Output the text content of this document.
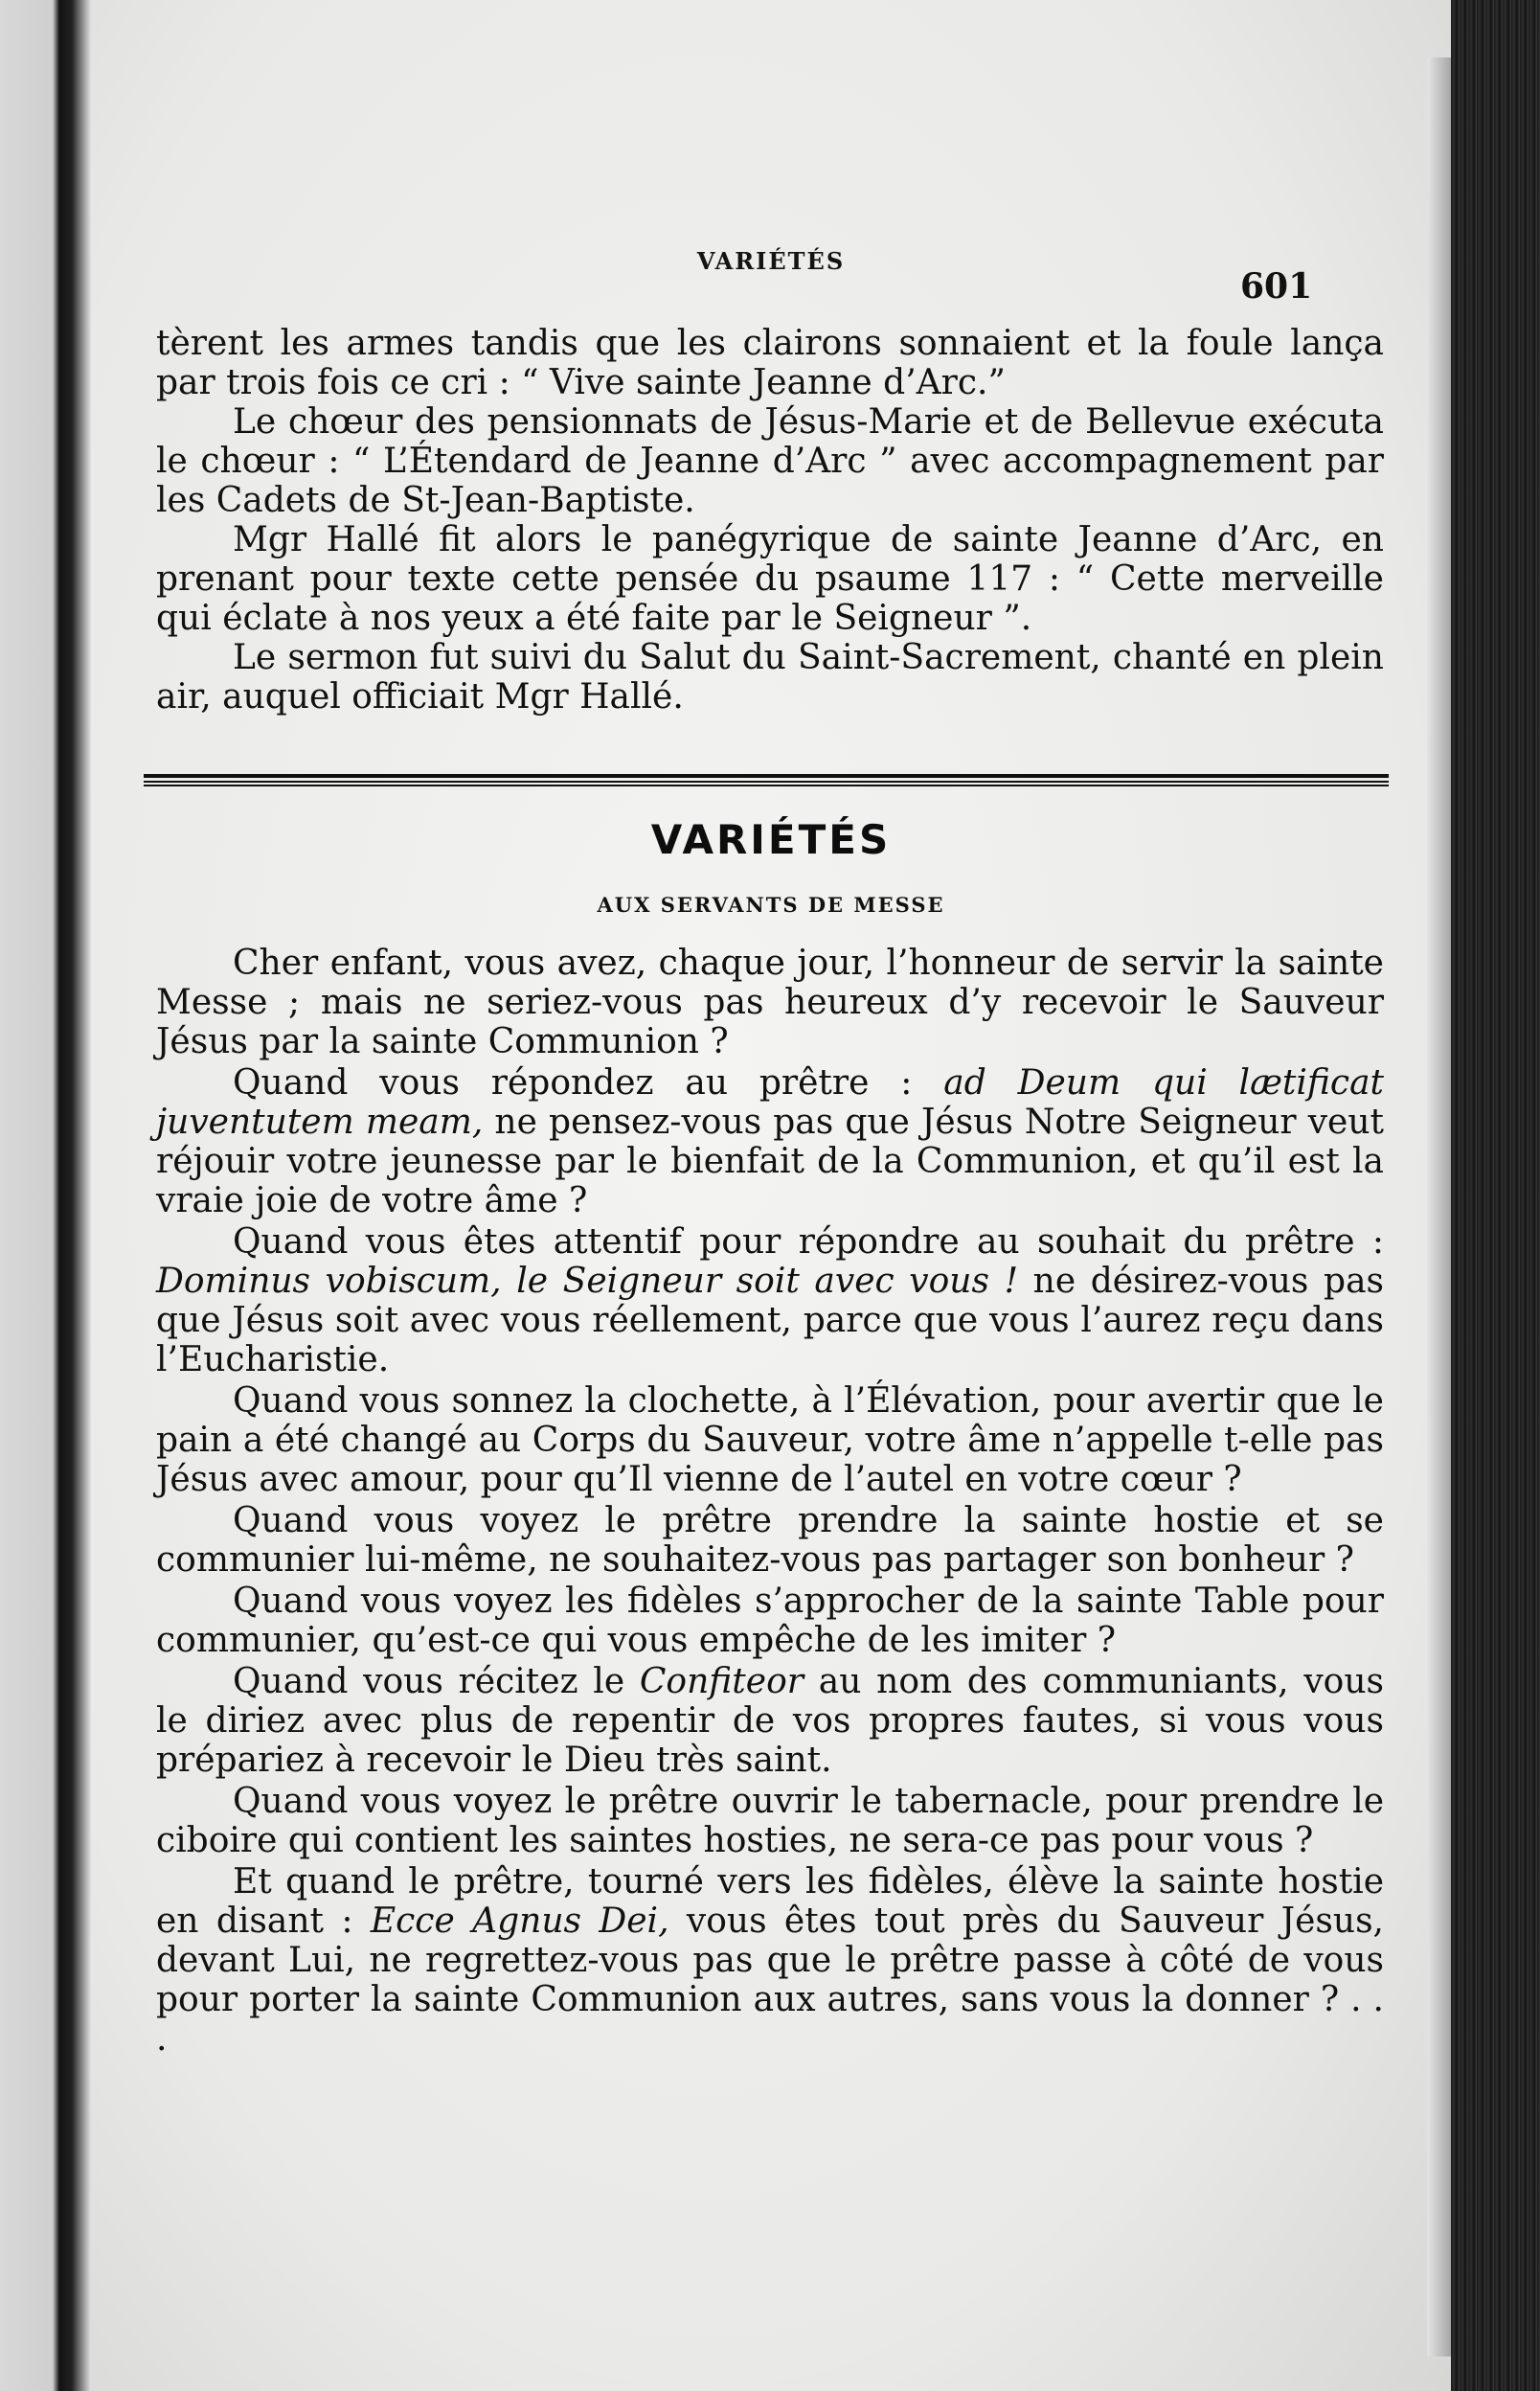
VARIÉTÉS
601

tèrent les armes tandis que les clairons sonnaient et la foule lança par trois fois ce cri : “ Vive sainte Jeanne d’Arc.”

Le chœur des pensionnats de Jésus-Marie et de Bellevue exécuta le chœur : “ L’Étendard de Jeanne d’Arc ” avec accompagnement par les Cadets de St-Jean-Baptiste.

Mgr Hallé fit alors le panégyrique de sainte Jeanne d’Arc, en prenant pour texte cette pensée du psaume 117 : “ Cette merveille qui éclate à nos yeux a été faite par le Seigneur ”.

Le sermon fut suivi du Salut du Saint-Sacrement, chanté en plein air, auquel officiait Mgr Hallé.

VARIÉTÉS
AUX SERVANTS DE MESSE

Cher enfant, vous avez, chaque jour, l’honneur de servir la sainte Messe ; mais ne seriez-vous pas heureux d’y recevoir le Sauveur Jésus par la sainte Communion ?

Quand vous répondez au prêtre : ad Deum qui lætificat juventutem meam, ne pensez-vous pas que Jésus Notre Seigneur veut réjouir votre jeunesse par le bienfait de la Communion, et qu’il est la vraie joie de votre âme ?

Quand vous êtes attentif pour répondre au souhait du prêtre : Dominus vobiscum, le Seigneur soit avec vous ! ne désirez-vous pas que Jésus soit avec vous réellement, parce que vous l’aurez reçu dans l’Eucharistie.

Quand vous sonnez la clochette, à l’Élévation, pour avertir que le pain a été changé au Corps du Sauveur, votre âme n’appelle t-elle pas Jésus avec amour, pour qu’Il vienne de l’autel en votre cœur ?

Quand vous voyez le prêtre prendre la sainte hostie et se communier lui-même, ne souhaitez-vous pas partager son bonheur ?

Quand vous voyez les fidèles s’approcher de la sainte Table pour communier, qu’est-ce qui vous empêche de les imiter ?

Quand vous récitez le Confiteor au nom des communiants, vous le diriez avec plus de repentir de vos propres fautes, si vous vous prépariez à recevoir le Dieu très saint.

Quand vous voyez le prêtre ouvrir le tabernacle, pour prendre le ciboire qui contient les saintes hosties, ne sera-ce pas pour vous ?

Et quand le prêtre, tourné vers les fidèles, élève la sainte hostie en disant : Ecce Agnus Dei, vous êtes tout près du Sauveur Jésus, devant Lui, ne regrettez-vous pas que le prêtre passe à côté de vous pour porter la sainte Communion aux autres, sans vous la donner ? . . .
